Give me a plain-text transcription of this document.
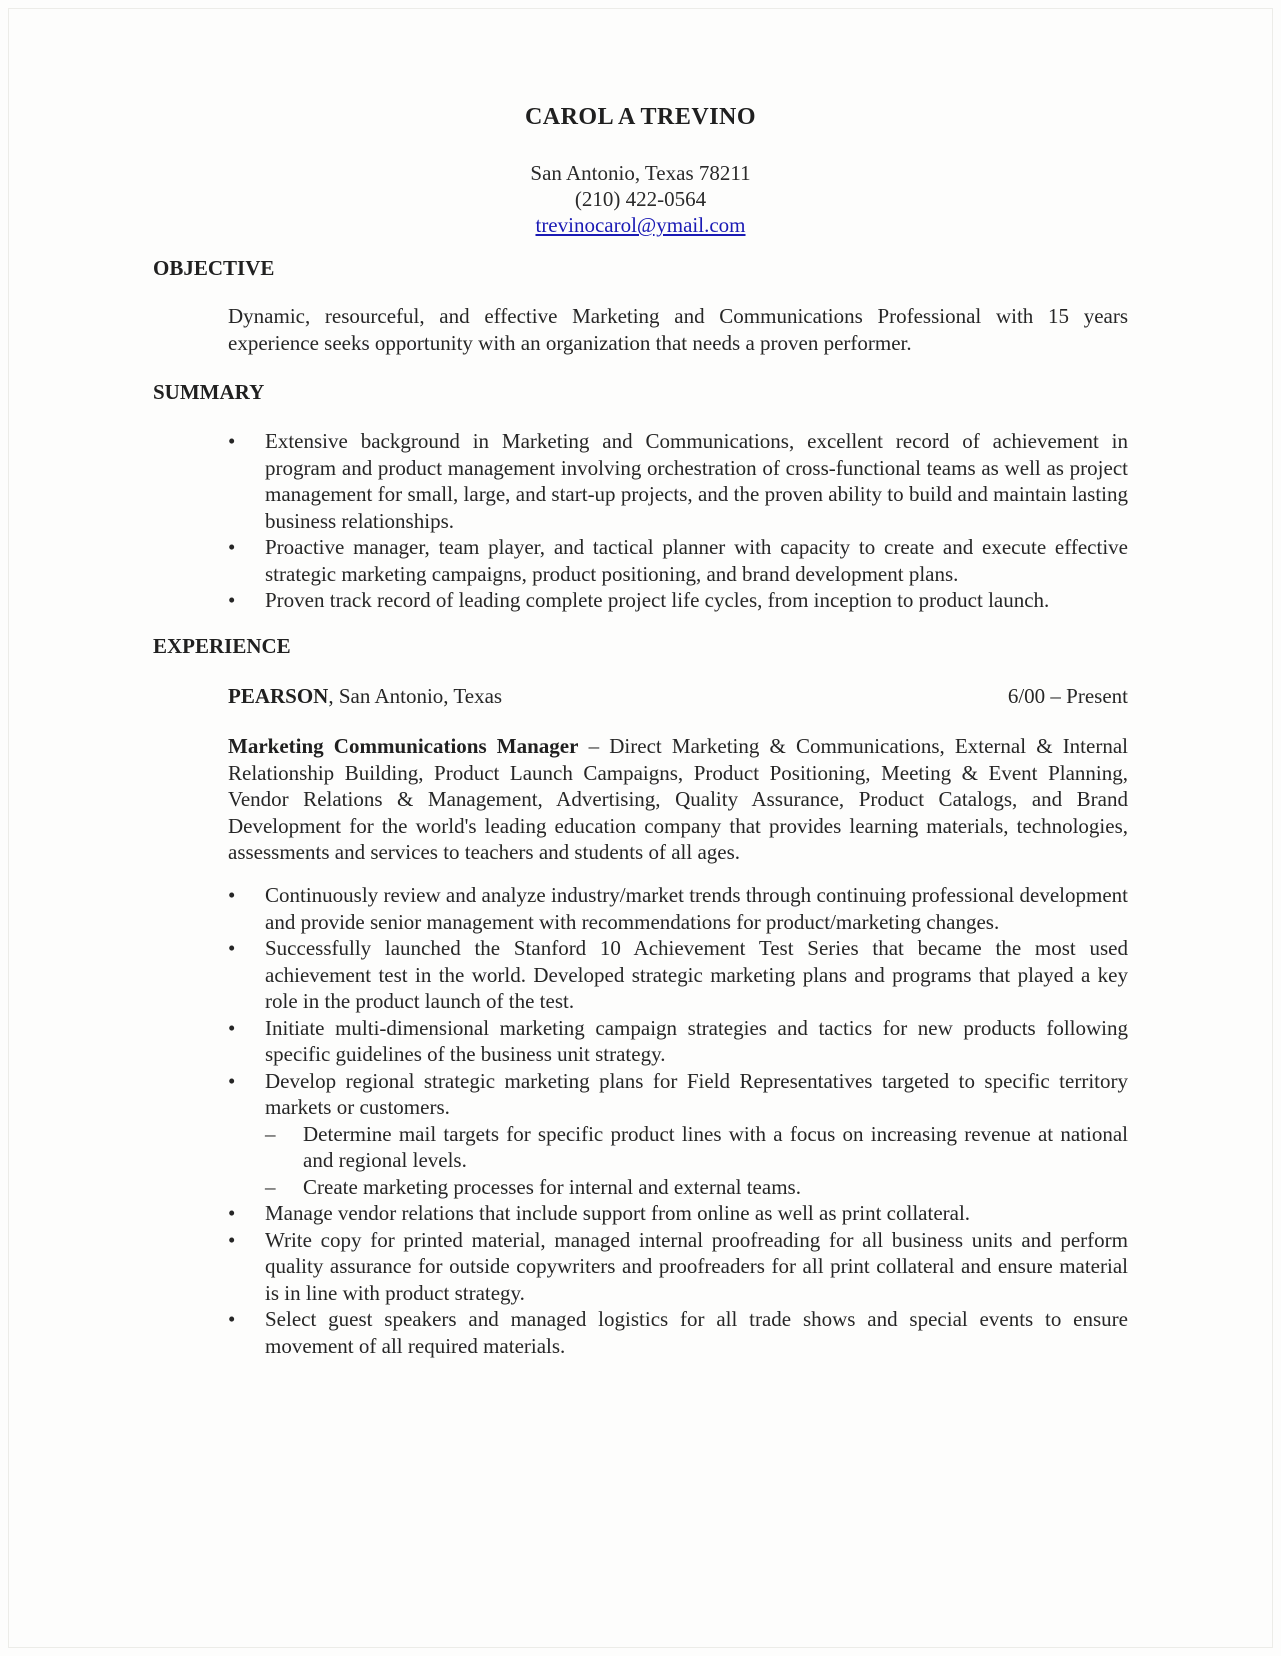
CAROL A TREVINO
San Antonio, Texas 78211
(210) 422-0564
trevinocarol@ymail.com
OBJECTIVE
Dynamic, resourceful, and effective Marketing and Communications Professional with 15 years experience seeks opportunity with an organization that needs a proven performer.
SUMMARY
•	Extensive background in Marketing and Communications, excellent record of achievement in program and product management involving orchestration of cross-functional teams as well as project management for small, large, and start-up projects, and the proven ability to build and maintain lasting business relationships.
•	Proactive manager, team player, and tactical planner with capacity to create and execute effective strategic marketing campaigns, product positioning, and brand development plans.
•	Proven track record of leading complete project life cycles, from inception to product launch.
EXPERIENCE
PEARSON, San Antonio, Texas	6/00 – Present
Marketing Communications Manager – Direct Marketing & Communications, External & Internal Relationship Building, Product Launch Campaigns, Product Positioning, Meeting & Event Planning, Vendor Relations & Management, Advertising, Quality Assurance, Product Catalogs, and Brand Development for the world's leading education company that provides learning materials, technologies, assessments and services to teachers and students of all ages.
•	Continuously review and analyze industry/market trends through continuing professional development and provide senior management with recommendations for product/marketing changes.
•	Successfully launched the Stanford 10 Achievement Test Series that became the most used achievement test in the world. Developed strategic marketing plans and programs that played a key role in the product launch of the test.
•	Initiate multi-dimensional marketing campaign strategies and tactics for new products following specific guidelines of the business unit strategy.
•	Develop regional strategic marketing plans for Field Representatives targeted to specific territory markets or customers.
– Determine mail targets for specific product lines with a focus on increasing revenue at national and regional levels.
– Create marketing processes for internal and external teams.
•	Manage vendor relations that include support from online as well as print collateral.
•	Write copy for printed material, managed internal proofreading for all business units and perform quality assurance for outside copywriters and proofreaders for all print collateral and ensure material is in line with product strategy.
•	Select guest speakers and managed logistics for all trade shows and special events to ensure movement of all required materials.
